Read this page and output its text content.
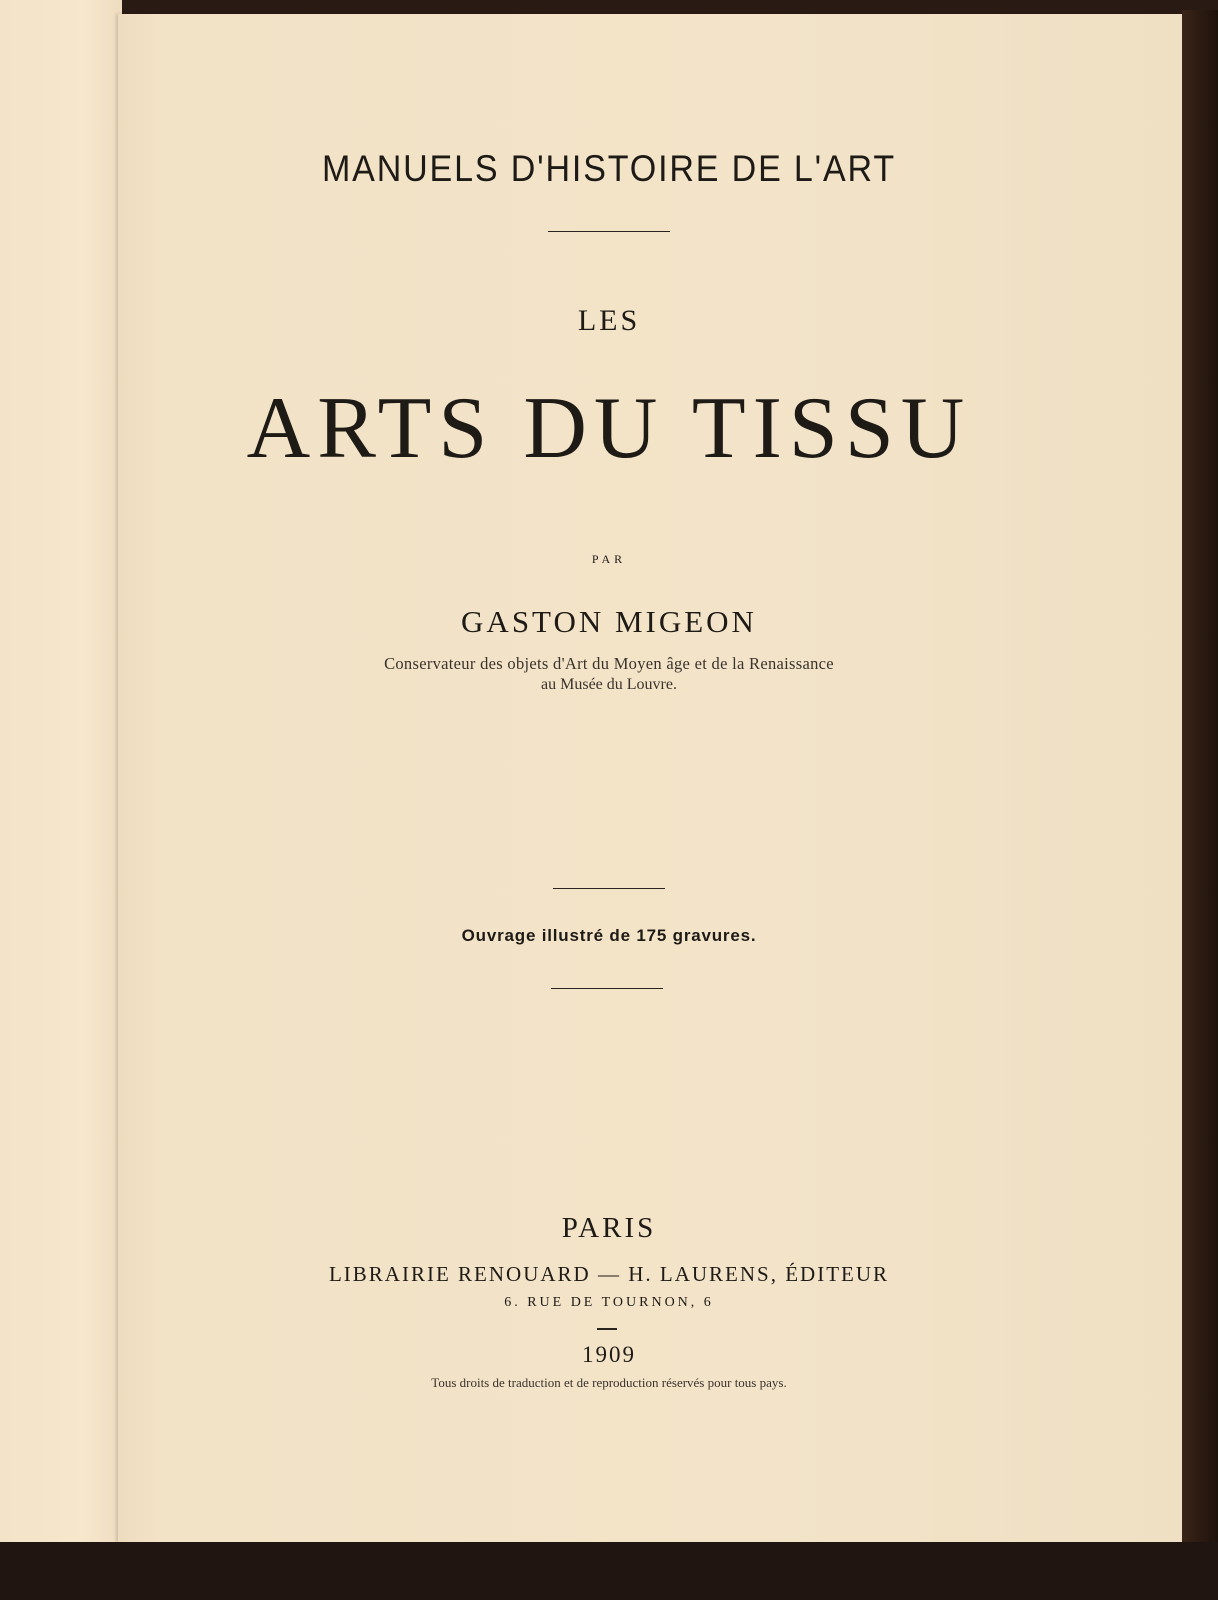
MANUELS D'HISTOIRE DE L'ART
LES
ARTS DU TISSU
PAR
GASTON MIGEON
Conservateur des objets d'Art du Moyen âge et de la Renaissance
au Musée du Louvre.
Ouvrage illustré de 175 gravures.
PARIS
LIBRAIRIE RENOUARD — H. LAURENS, ÉDITEUR
6. RUE DE TOURNON, 6
1909
Tous droits de traduction et de reproduction réservés pour tous pays.
